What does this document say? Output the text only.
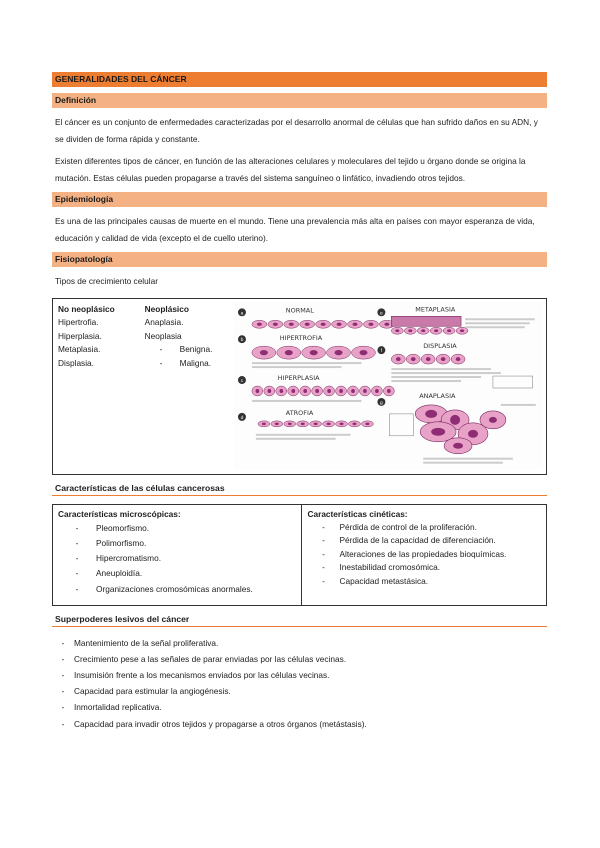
GENERALIDADES DEL CÁNCER
Definición

El cáncer es un conjunto de enfermedades caracterizadas por el desarrollo anormal de células que han sufrido daños en su ADN, y se dividen de forma rápida y constante.

Existen diferentes tipos de cáncer, en función de las alteraciones celulares y moleculares del tejido u órgano donde se origina la mutación. Estas células pueden propagarse a través del sistema sanguíneo o linfático, invadiendo otros tejidos.

Epidemiología

Es una de las principales causas de muerte en el mundo. Tiene una prevalencia más alta en países con mayor esperanza de vida, educación y calidad de vida (excepto el de cuello uterino).

Fisiopatología

Tipos de crecimiento celular

No neoplásico
Hipertrofia.
Hiperplasia.
Metaplasia.
Displasia.
Neoplásico
Anaplasia.
Neoplasia
- Benigna.
- Maligna.
a	NORMAL
b	HIPERTROFIA
c	HIPERPLASIA
d
ATROFIA
e
METAPLASIA
f
DISPLASIA
g
ANAPLASIA
Características de las células cancerosas
Características microscópicas:
-	Pleomorfismo.
-	Polimorfismo.
-	Hipercromatismo.
-	Aneuploidía.
-	Organizaciones cromosómicas anormales.
Características cinéticas:
-	Pérdida de control de la proliferación.
-	Pérdida de la capacidad de diferenciación.
-	Alteraciones de las propiedades bioquímicas.
-	Inestabilidad cromosómica.
-	Capacidad metastásica.
Superpoderes lesivos del cáncer
-	Mantenimiento de la señal proliferativa.
-	Crecimiento pese a las señales de parar enviadas por las células vecinas.
-	Insumisión frente a los mecanismos enviados por las células vecinas.
-	Capacidad para estimular la angiogénesis.
-	Inmortalidad replicativa.
-	Capacidad para invadir otros tejidos y propagarse a otros órganos (metástasis).
